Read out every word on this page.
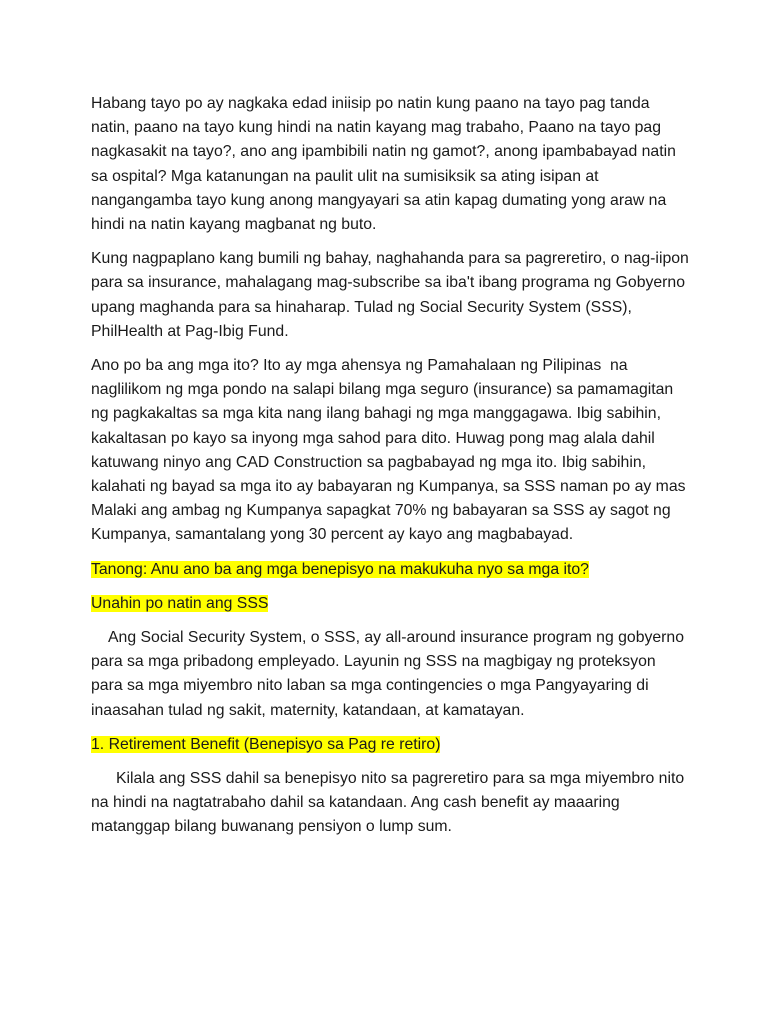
Habang tayo po ay nagkaka edad iniisip po natin kung paano na tayo pag tanda natin, paano na tayo kung hindi na natin kayang mag trabaho, Paano na tayo pag nagkasakit na tayo?, ano ang ipambibili natin ng gamot?, anong ipambabayad natin sa ospital? Mga katanungan na paulit ulit na sumisiksik sa ating isipan at nangangamba tayo kung anong mangyayari sa atin kapag dumating yong araw na hindi na natin kayang magbanat ng buto.

Kung nagpaplano kang bumili ng bahay, naghahanda para sa pagreretiro, o nag-iipon para sa insurance, mahalagang mag-subscribe sa iba't ibang programa ng Gobyerno upang maghanda para sa hinaharap. Tulad ng Social Security System (SSS), PhilHealth at Pag-Ibig Fund.

Ano po ba ang mga ito? Ito ay mga ahensya ng Pamahalaan ng Pilipinas  na naglilikom ng mga pondo na salapi bilang mga seguro (insurance) sa pamamagitan ng pagkakaltas sa mga kita nang ilang bahagi ng mga manggagawa. Ibig sabihin, kakaltasan po kayo sa inyong mga sahod para dito. Huwag pong mag alala dahil katuwang ninyo ang CAD Construction sa pagbabayad ng mga ito. Ibig sabihin, kalahati ng bayad sa mga ito ay babayaran ng Kumpanya, sa SSS naman po ay mas Malaki ang ambag ng Kumpanya sapagkat 70% ng babayaran sa SSS ay sagot ng Kumpanya, samantalang yong 30 percent ay kayo ang magbabayad.

Tanong: Anu ano ba ang mga benepisyo na makukuha nyo sa mga ito?

Unahin po natin ang SSS

Ang Social Security System, o SSS, ay all-around insurance program ng gobyerno para sa mga pribadong empleyado. Layunin ng SSS na magbigay ng proteksyon para sa mga miyembro nito laban sa mga contingencies o mga Pangyayaring di inaasahan tulad ng sakit, maternity, katandaan, at kamatayan.

1. Retirement Benefit (Benepisyo sa Pag re retiro)

Kilala ang SSS dahil sa benepisyo nito sa pagreretiro para sa mga miyembro nito na hindi na nagtatrabaho dahil sa katandaan. Ang cash benefit ay maaaring matanggap bilang buwanang pensiyon o lump sum.
